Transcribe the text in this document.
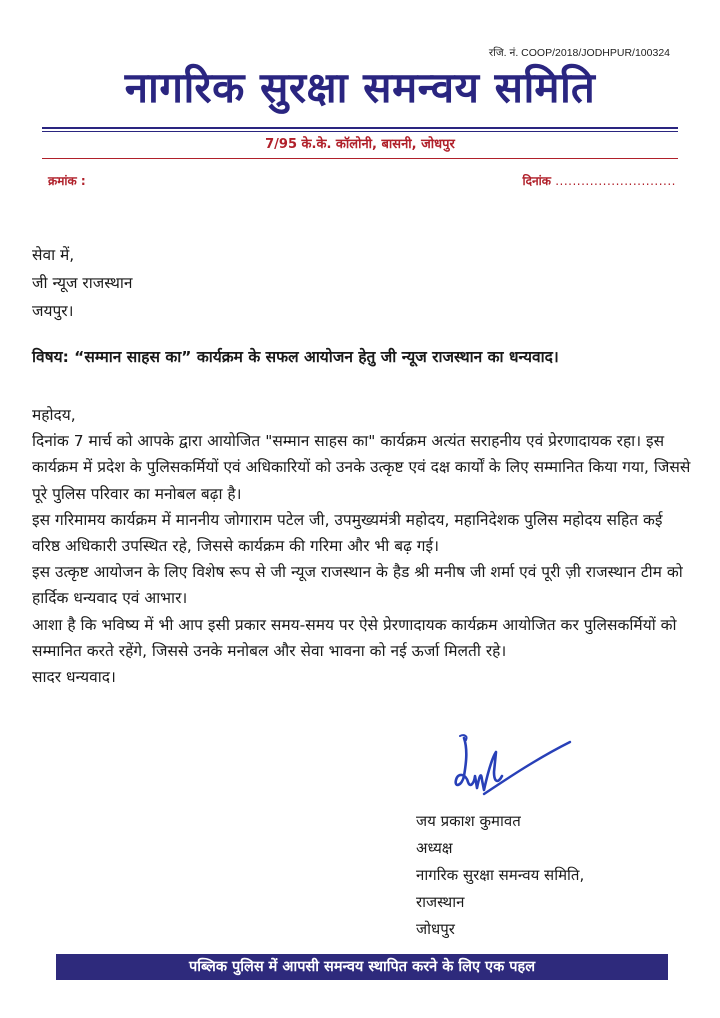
रजि. नं. COOP/2018/JODHPUR/100324
नागरिक सुरक्षा समन्वय समिति
7/95 के.के. कॉलोनी, बासनी, जोधपुर
क्रमांक :	दिनांक ............................
सेवा में,
जी न्यूज राजस्थान
जयपुर।
विषय: “सम्मान साहस का” कार्यक्रम के सफल आयोजन हेतु जी न्यूज राजस्थान का धन्यवाद।

महोदय,

दिनांक 7 मार्च को आपके द्वारा आयोजित "सम्मान साहस का" कार्यक्रम अत्यंत सराहनीय एवं प्रेरणादायक रहा। इस कार्यक्रम में प्रदेश के पुलिसकर्मियों एवं अधिकारियों को उनके उत्कृष्ट एवं दक्ष कार्यों के लिए सम्मानित किया गया, जिससे पूरे पुलिस परिवार का मनोबल बढ़ा है।

इस गरिमामय कार्यक्रम में माननीय जोगाराम पटेल जी, उपमुख्यमंत्री महोदय, महानिदेशक पुलिस महोदय सहित कई वरिष्ठ अधिकारी उपस्थित रहे, जिससे कार्यक्रम की गरिमा और भी बढ़ गई।

इस उत्कृष्ट आयोजन के लिए विशेष रूप से जी न्यूज राजस्थान के हैड श्री मनीष जी शर्मा एवं पूरी ज़ी राजस्थान टीम को हार्दिक धन्यवाद एवं आभार।

आशा है कि भविष्य में भी आप इसी प्रकार समय-समय पर ऐसे प्रेरणादायक कार्यक्रम आयोजित कर पुलिसकर्मियों को सम्मानित करते रहेंगे, जिससे उनके मनोबल और सेवा भावना को नई ऊर्जा मिलती रहे।

सादर धन्यवाद।

जय प्रकाश कुमावत
अध्यक्ष
नागरिक सुरक्षा समन्वय समिति,
राजस्थान
जोधपुर
पब्लिक पुलिस में आपसी समन्वय स्थापित करने के लिए एक पहल
